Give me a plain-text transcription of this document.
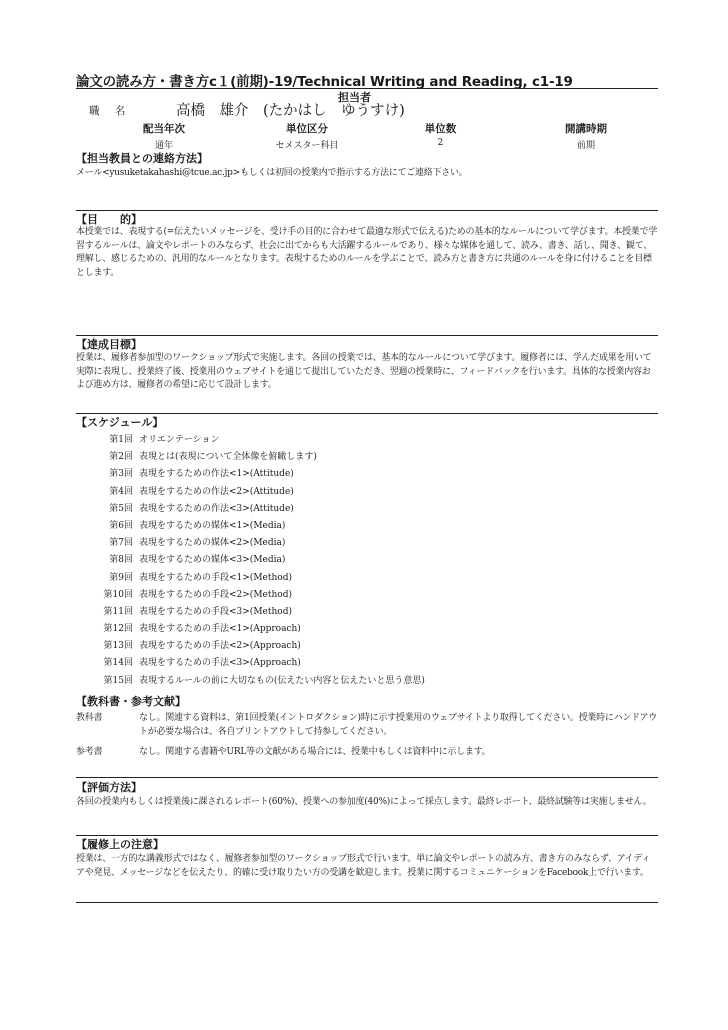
論文の読み方・書き方c１(前期)-19/Technical Writing and Reading, c1-19
担当者
職 名	高橋　雄介　(たかはし　ゆうすけ)
配当年次	単位区分	単位数	開講時期
通年	セメスター科目	2	前期
【担当教員との連絡方法】
メール<yusuketakahashi@tcue.ac.jp>もしくは初回の授業内で指示する方法にてご連絡下さい。
【目　　的】
本授業では、表現する(=伝えたいメッセージを、受け手の目的に合わせて最適な形式で伝える)ための基本的なルールについて学びます。本授業で学習するルールは、論文やレポートのみならず、社会に出てからも大活躍するルールであり、様々な媒体を通して、読み、書き、話し、聞き、観て、理解し、感じるための、汎用的なルールとなります。表現するためのルールを学ぶことで、読み方と書き方に共通のルールを身に付けることを目標とします。
【達成目標】
授業は、履修者参加型のワークショップ形式で実施します。各回の授業では、基本的なルールについて学びます。履修者には、学んだ成果を用いて実際に表現し、授業終了後、授業用のウェブサイトを通じて提出していただき、翌週の授業時に、フィードバックを行います。具体的な授業内容および進め方は、履修者の希望に応じて設計します。
【スケジュール】
第1回 オリエンテーション
第2回 表現とは(表現について全体像を俯瞰します)
第3回 表現をするための作法<1>(Attitude)
第4回 表現をするための作法<2>(Attitude)
第5回 表現をするための作法<3>(Attitude)
第6回 表現をするための媒体<1>(Media)
第7回 表現をするための媒体<2>(Media)
第8回 表現をするための媒体<3>(Media)
第9回 表現をするための手段<1>(Method)
第10回 表現をするための手段<2>(Method)
第11回 表現をするための手段<3>(Method)
第12回 表現をするための手法<1>(Approach)
第13回 表現をするための手法<2>(Approach)
第14回 表現をするための手法<3>(Approach)
第15回 表現するルールの前に大切なもの(伝えたい内容と伝えたいと思う意思)
【教科書・参考文献】
教科書	なし。関連する資料は、第1回授業(イントロダクション)時に示す授業用のウェブサイトより取得してください。授業時にハンドアウトが必要な場合は、各自プリントアウトして持参してください。
参考書	なし。関連する書籍やURL等の文献がある場合には、授業中もしくは資料中に示します。
【評価方法】
各回の授業内もしくは授業後に課されるレポート(60%)、授業への参加度(40%)によって採点します。最終レポート、最終試験等は実施しません。
【履修上の注意】
授業は、一方的な講義形式ではなく、履修者参加型のワークショップ形式で行います。単に論文やレポートの読み方、書き方のみならず、アイディアや発見、メッセージなどを伝えたり、的確に受け取りたい方の受講を歓迎します。授業に関するコミュニケーションをFacebook上で行います。
